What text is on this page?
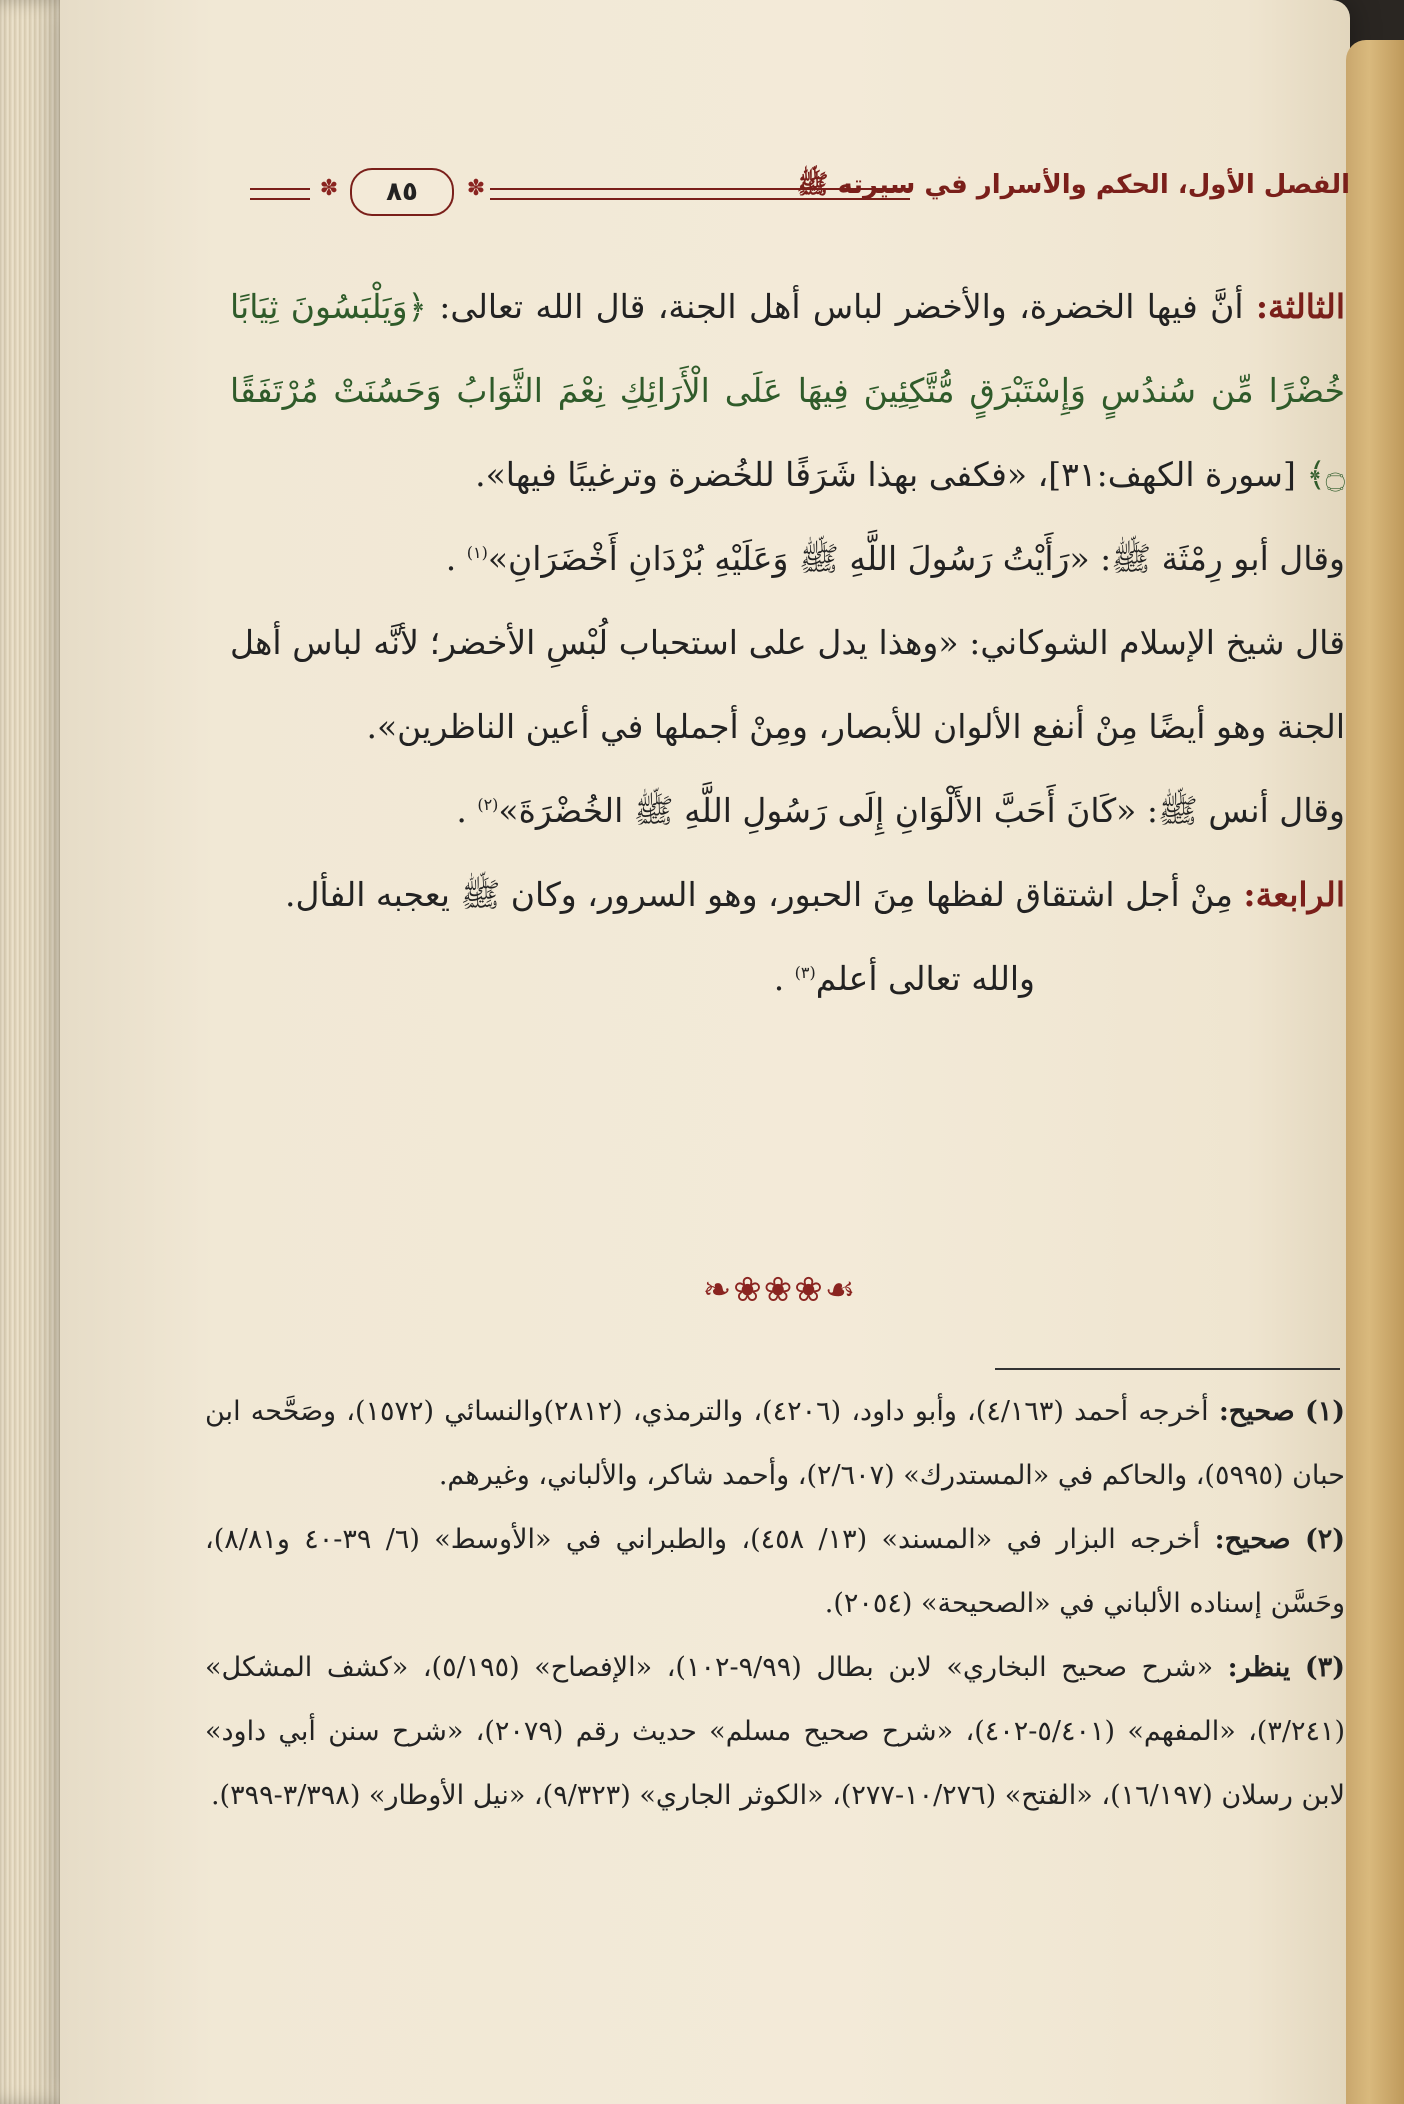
الفصل الأول، الحكم والأسرار في سيرته ﷺ
✽
٨٥
✽

الثالثة: أنَّ فيها الخضرة، والأخضر لباس أهل الجنة، قال الله تعالى: ﴿وَيَلْبَسُونَ ثِيَابًا خُضْرًا مِّن سُندُسٍ وَإِسْتَبْرَقٍ مُّتَّكِئِينَ فِيهَا عَلَى الْأَرَائِكِ نِعْمَ الثَّوَابُ وَحَسُنَتْ مُرْتَفَقًا ۝﴾ [سورة الكهف:٣١]، «فكفى بهذا شَرَفًا للخُضرة وترغيبًا فيها».

وقال أبو رِمْثَة ﷺ: «رَأَيْتُ رَسُولَ اللَّهِ ﷺ وَعَلَيْهِ بُرْدَانِ أَخْضَرَانِ»$^{(١)}$ .

قال شيخ الإسلام الشوكاني: «وهذا يدل على استحباب لُبْسِ الأخضر؛ لأنَّه لباس أهل الجنة وهو أيضًا مِنْ أنفع الألوان للأبصار، ومِنْ أجملها في أعين الناظرين».

وقال أنس ﷺ: «كَانَ أَحَبَّ الأَلْوَانِ إِلَى رَسُولِ اللَّهِ ﷺ الخُضْرَةَ»$^{(٢)}$ .

الرابعة: مِنْ أجل اشتقاق لفظها مِنَ الحبور، وهو السرور، وكان ﷺ يعجبه الفأل.

والله تعالى أعلم$^{(٣)}$ .

❧❀❀❀☙

(١) صحيح: أخرجه أحمد (٤/١٦٣)، وأبو داود، (٤٢٠٦)، والترمذي، (٢٨١٢)والنسائي (١٥٧٢)، وصَحَّحه ابن حبان (٥٩٩٥)، والحاكم في «المستدرك» (٢/٦٠٧)، وأحمد شاكر، والألباني، وغيرهم.

(٢) صحيح: أخرجه البزار في «المسند» (١٣/ ٤٥٨)، والطبراني في «الأوسط» (٦/ ٣٩-٤٠ و٨/٨١)، وحَسَّن إسناده الألباني في «الصحيحة» (٢٠٥٤).

(٣) ينظر: «شرح صحيح البخاري» لابن بطال (٩/٩٩-١٠٢)، «الإفصاح» (٥/١٩٥)، «كشف المشكل» (٣/٢٤١)، «المفهم» (٥/٤٠١-٤٠٢)، «شرح صحيح مسلم» حديث رقم (٢٠٧٩)، «شرح سنن أبي داود» لابن رسلان (١٦/١٩٧)، «الفتح» (١٠/٢٧٦-٢٧٧)، «الكوثر الجاري» (٩/٣٢٣)، «نيل الأوطار» (٣/٣٩٨-٣٩٩).
